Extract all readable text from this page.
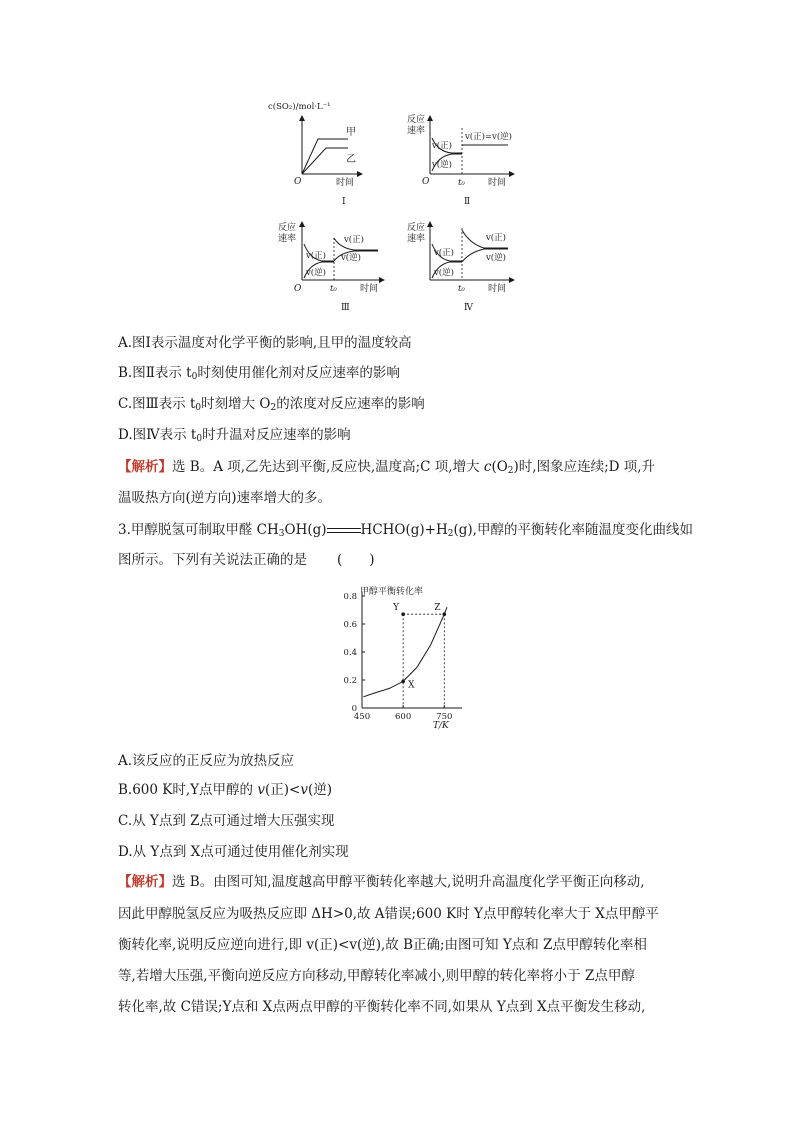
c(SO₂)/mol·L⁻¹
甲
乙
O	时间
Ⅰ
反应
速率
v(正)
v(逆)
v(正)=v(逆)
O	t₀	时间
Ⅱ
反应
速率
v(正)
v(逆)
v(正)
v(逆)
O	t₀	时间
Ⅲ
反应
速率
v(正)
v(逆)
v(正)
v(逆)
t₀	时间
Ⅳ
A.图Ⅰ表示温度对化学平衡的影响,且甲的温度较高
B.图Ⅱ表示 $t_0$时刻使用催化剂对反应速率的影响
C.图Ⅲ表示 $t_0$时刻增大 $O_2$的浓度对反应速率的影响
D.图Ⅳ表示 $t_0$时升温对反应速率的影响
【解析】选 B。A 项,乙先达到平衡,反应快,温度高;C 项,增大 $c(O_2)$时,图象应连续;D 项,升
温吸热方向(逆方向)速率增大的多。
3.甲醇脱氢可制取甲醛 $CH_3OH(g)$	$HCHO(g)+H_2(g)$,甲醇的平衡转化率随温度变化曲线如
图所示。下列有关说法正确的是 (　　)
甲醇平衡转化率
0
0.2
0.4
0.6
0.8
450	600	750
X
Y	Z
T/K
A.该反应的正反应为放热反应
B.600 K时,Y点甲醇的 v(正)<v(逆)
C.从 Y点到 Z点可通过增大压强实现
D.从 Y点到 X点可通过使用催化剂实现
【解析】选 B。由图可知,温度越高甲醇平衡转化率越大,说明升高温度化学平衡正向移动,
因此甲醇脱氢反应为吸热反应即 ΔH>0,故 A错误;600 K时 Y点甲醇转化率大于 X点甲醇平
衡转化率,说明反应逆向进行,即 v(正)<v(逆),故 B正确;由图可知 Y点和 Z点甲醇转化率相
等,若增大压强,平衡向逆反应方向移动,甲醇转化率减小,则甲醇的转化率将小于 Z点甲醇
转化率,故 C错误;Y点和 X点两点甲醇的平衡转化率不同,如果从 Y点到 X点平衡发生移动,
